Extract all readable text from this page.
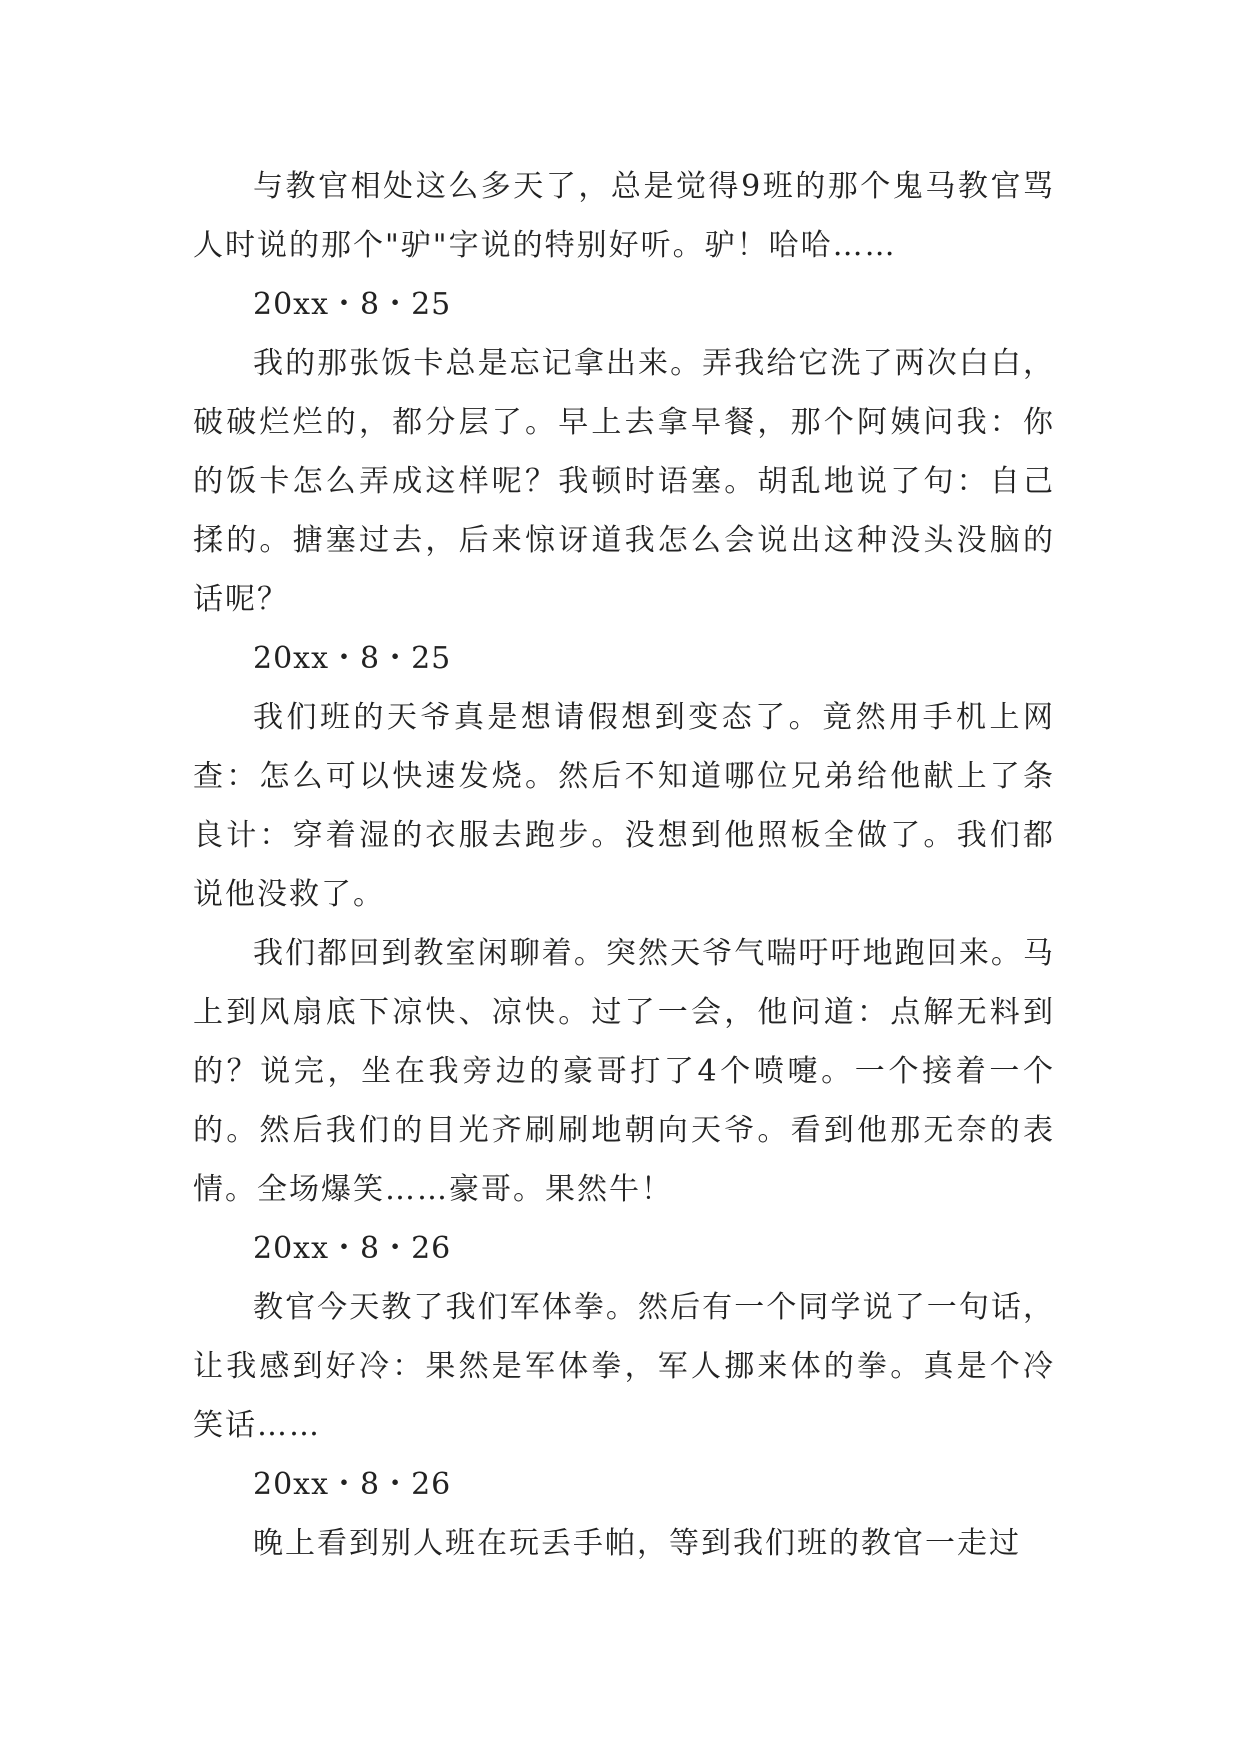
与教官相处这么多天了，总是觉得9班的那个鬼马教官骂人时说的那个"驴"字说的特别好听。驴！哈哈……

20xx・8・25

我的那张饭卡总是忘记拿出来。弄我给它洗了两次白白，破破烂烂的，都分层了。早上去拿早餐，那个阿姨问我：你的饭卡怎么弄成这样呢？我顿时语塞。胡乱地说了句：自己揉的。搪塞过去，后来惊讶道我怎么会说出这种没头没脑的话呢？

20xx・8・25

我们班的天爷真是想请假想到变态了。竟然用手机上网查：怎么可以快速发烧。然后不知道哪位兄弟给他献上了条良计：穿着湿的衣服去跑步。没想到他照板全做了。我们都说他没救了。

我们都回到教室闲聊着。突然天爷气喘吁吁地跑回来。马上到风扇底下凉快、凉快。过了一会，他问道：点解无料到的？说完，坐在我旁边的豪哥打了4个喷嚏。一个接着一个的。然后我们的目光齐刷刷地朝向天爷。看到他那无奈的表情。全场爆笑……豪哥。果然牛！

20xx・8・26

教官今天教了我们军体拳。然后有一个同学说了一句话，让我感到好冷：果然是军体拳，军人挪来体的拳。真是个冷笑话……

20xx・8・26

晚上看到别人班在玩丢手帕，等到我们班的教官一走过
